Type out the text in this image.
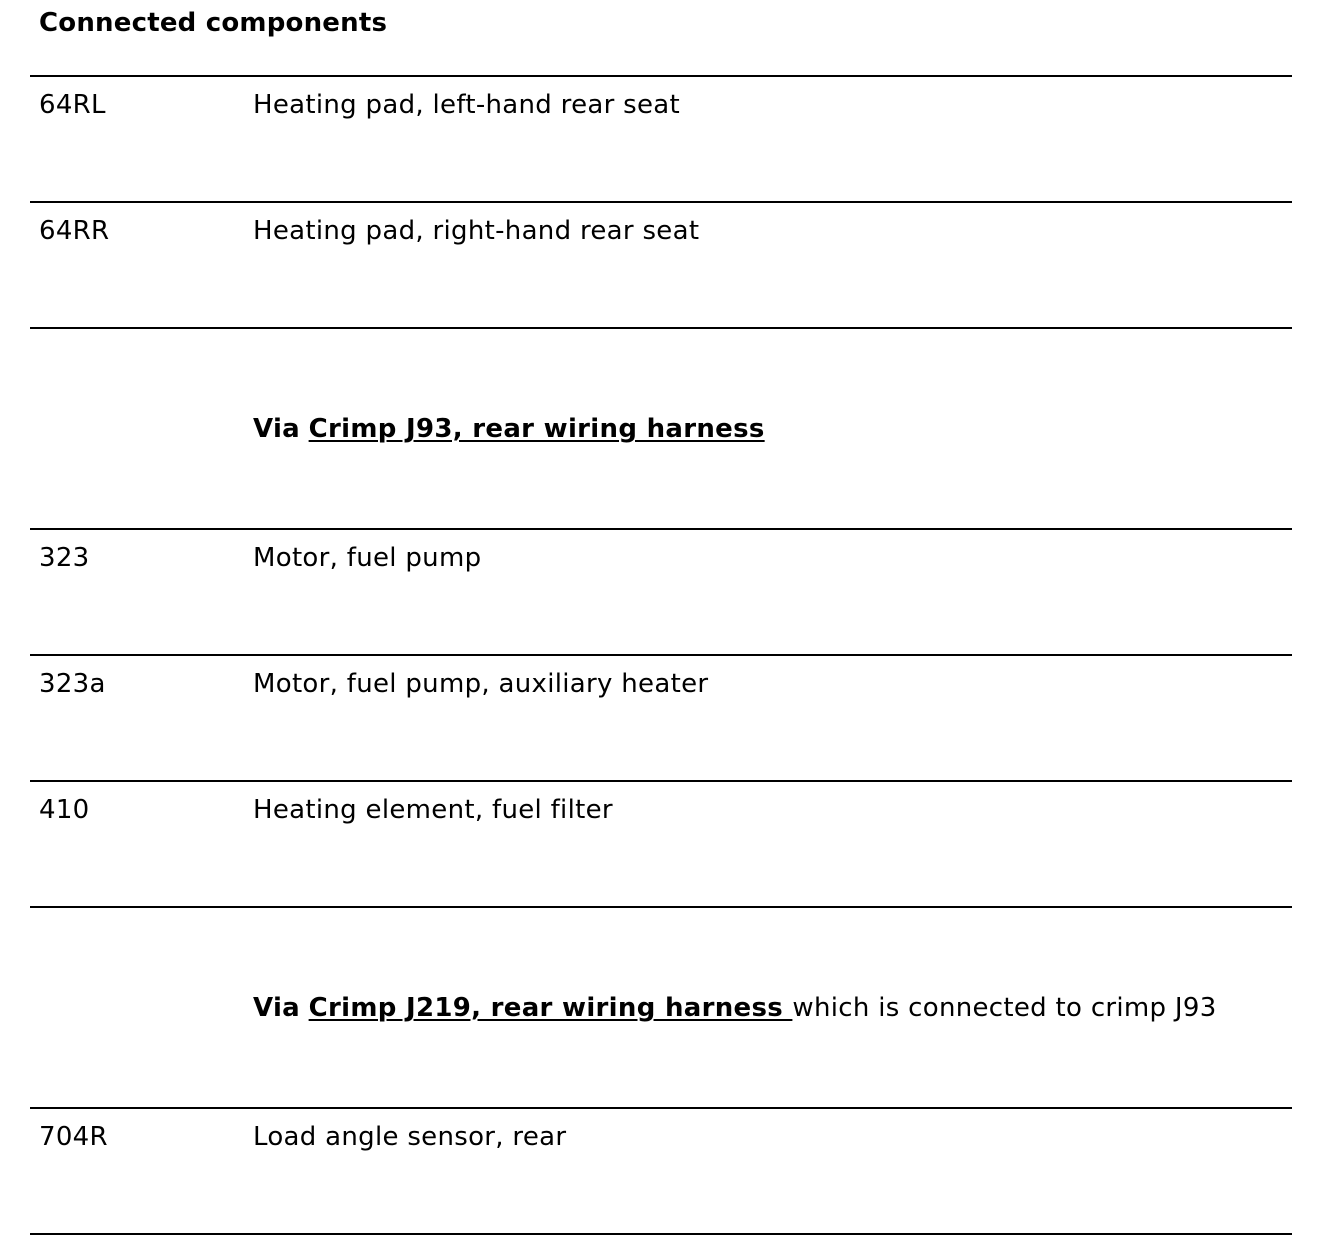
Connected components
64RL	Heating pad, left-hand rear seat
64RR	Heating pad, right-hand rear seat
Via Crimp J93, rear wiring harness
323	Motor, fuel pump
323a	Motor, fuel pump, auxiliary heater
410	Heating element, fuel filter
Via Crimp J219, rear wiring harness which is connected to crimp J93
704R	Load angle sensor, rear
